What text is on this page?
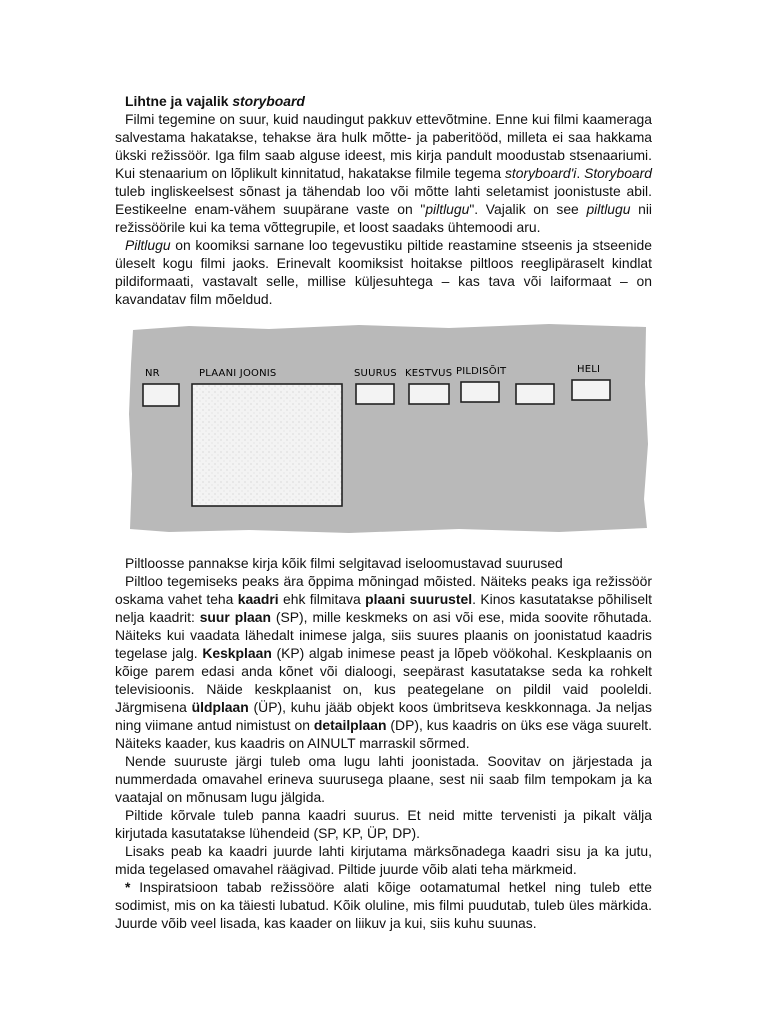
Lihtne ja vajalik storyboard

Filmi tegemine on suur, kuid naudingut pakkuv ettevõtmine. Enne kui filmi kaameraga salvestama hakatakse, tehakse ära hulk mõtte- ja paberitööd, milleta ei saa hakkama ükski režissöör. Iga film saab alguse ideest, mis kirja pandult moodustab stsenaariumi. Kui stenaarium on lõplikult kinnitatud, hakatakse filmile tegema storyboard'i. Storyboard tuleb ingliskeelsest sõnast ja tähendab loo või mõtte lahti seletamist joonistuste abil. Eestikeelne enam-vähem suupärane vaste on "piltlugu". Vajalik on see piltlugu nii režissöörile kui ka tema võttegrupile, et loost saadaks ühtemoodi aru.

Piltlugu on koomiksi sarnane loo tegevustiku piltide reastamine stseenis ja stseenide üleselt kogu filmi jaoks. Erinevalt koomiksist hoitakse piltloos reeglipäraselt kindlat pildiformaati, vastavalt selle, millise küljesuhtega – kas tava või laiformaat – on kavandatav film mõeldud.

NR	PLAANI JOONIS	SUURUS KESTVUS PILDISÕIT	HELI

Piltloosse pannakse kirja kõik filmi selgitavad iseloomustavad suurused

Piltloo tegemiseks peaks ära õppima mõningad mõisted. Näiteks peaks iga režissöör oskama vahet teha kaadri ehk filmitava plaani suurustel. Kinos kasutatakse põhiliselt nelja kaadrit: suur plaan (SP), mille keskmeks on asi või ese, mida soovite rõhutada. Näiteks kui vaadata lähedalt inimese jalga, siis suures plaanis on joonistatud kaadris tegelase jalg. Keskplaan (KP) algab inimese peast ja lõpeb vöökohal. Keskplaanis on kõige parem edasi anda kõnet või dialoogi, seepärast kasutatakse seda ka rohkelt televisioonis. Näide keskplaanist on, kus peategelane on pildil vaid pooleldi. Järgmisena üldplaan (ÜP), kuhu jääb objekt koos ümbritseva keskkonnaga. Ja neljas ning viimane antud nimistust on detailplaan (DP), kus kaadris on üks ese väga suurelt. Näiteks kaader, kus kaadris on AINULT marraskil sõrmed.

Nende suuruste järgi tuleb oma lugu lahti joonistada. Soovitav on järjestada ja nummerdada omavahel erineva suurusega plaane, sest nii saab film tempokam ja ka vaatajal on mõnusam lugu jälgida.

Piltide kõrvale tuleb panna kaadri suurus. Et neid mitte tervenisti ja pikalt välja kirjutada kasutatakse lühendeid (SP, KP, ÜP, DP).

Lisaks peab ka kaadri juurde lahti kirjutama märksõnadega kaadri sisu ja ka jutu, mida tegelased omavahel räägivad. Piltide juurde võib alati teha märkmeid.

* Inspiratsioon tabab režissööre alati kõige ootamatumal hetkel ning tuleb ette sodimist, mis on ka täiesti lubatud. Kõik oluline, mis filmi puudutab, tuleb üles märkida. Juurde võib veel lisada, kas kaader on liikuv ja kui, siis kuhu suunas.
